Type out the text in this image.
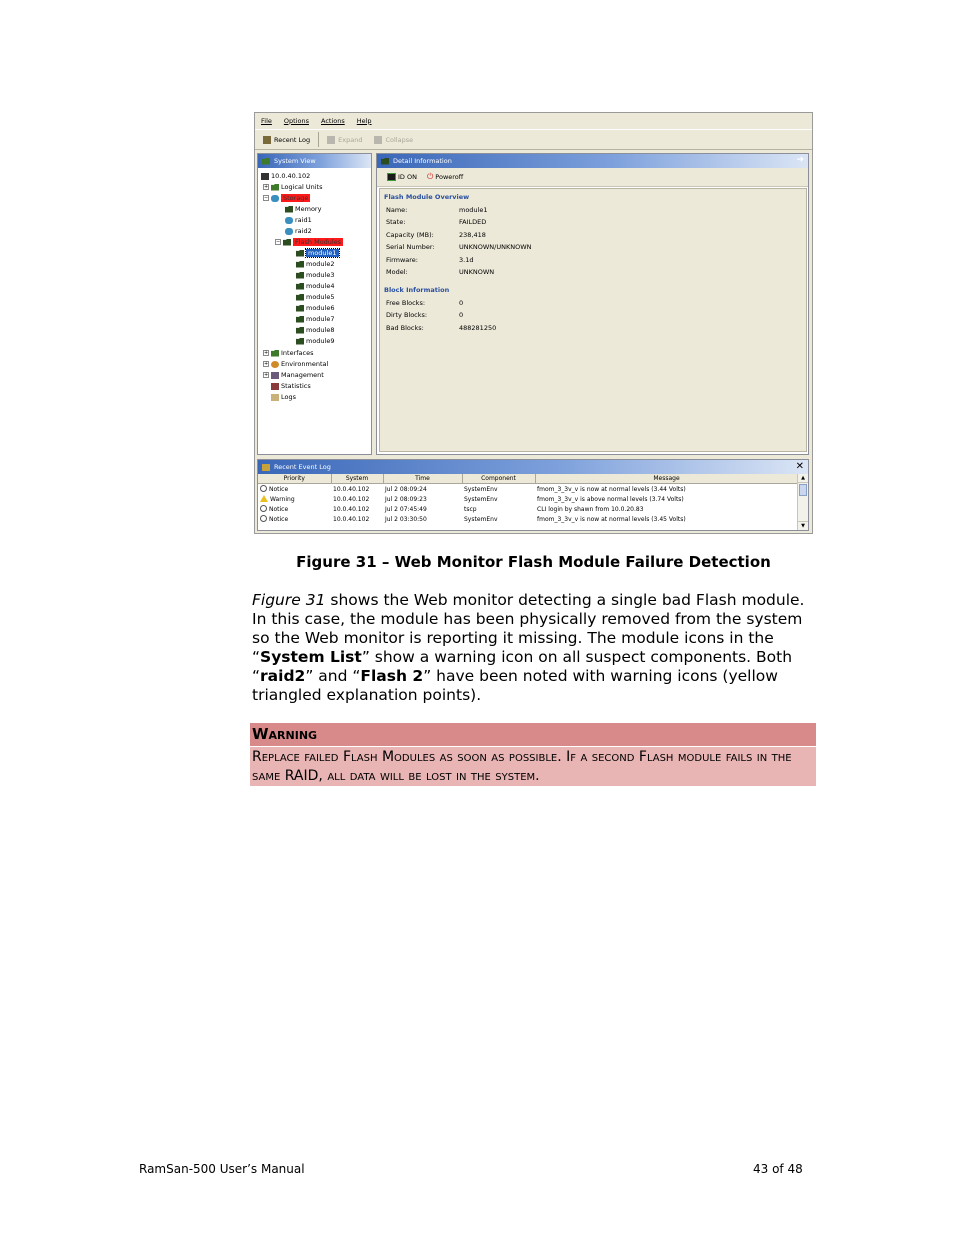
File Options Actions Help
Recent Log	Expand	Collapse
System View
10.0.40.102
+ Logical Units
−	Storage
Memory
raid1
raid2
−	Flash Modules
module1
module2
module3
module4
module5
module6
module7
module8
module9
+ Interfaces
+ Environmental
+ Management
Statistics
Logs
Detail Information	➜
ID ON ⏻ Poweroff
Flash Module Overview
Name:	module1
State:	FAILDED
Capacity (MB):	238,418
Serial Number:	UNKNOWN/UNKNOWN
Firmware:	3.1d
Model:	UNKNOWN
Block Information
Free Blocks:	0
Dirty Blocks:	0
Bad Blocks:	488281250
Recent Event Log	✕
Priority	System	Time	Component	Message
Notice	10.0.40.102	Jul 2 08:09:24	SystemEnv	fmom_3_3v_v is now at normal levels (3.44 Volts)
Warning	10.0.40.102	Jul 2 08:09:23	SystemEnv	fmom_3_3v_v is above normal levels (3.74 Volts)
Notice	10.0.40.102	Jul 2 07:45:49	tscp	CLI login by shawn from 10.0.20.83
Notice	10.0.40.102	Jul 2 03:30:50	SystemEnv	fmom_3_3v_v is now at normal levels (3.45 Volts)
▲
▼
Figure 31 – Web Monitor Flash Module Failure Detection
Figure 31 shows the Web monitor detecting a single bad Flash module. In this case, the module has been physically removed from the system so the Web monitor is reporting it missing. The module icons in the “System List” show a warning icon on all suspect components. Both “raid2” and “Flash 2” have been noted with warning icons (yellow triangled explanation points).
Warning
Replace failed Flash Modules as soon as possible. If a second Flash module fails in the same RAID, all data will be lost in the system.
RamSan-500 User’s Manual	43 of 48
